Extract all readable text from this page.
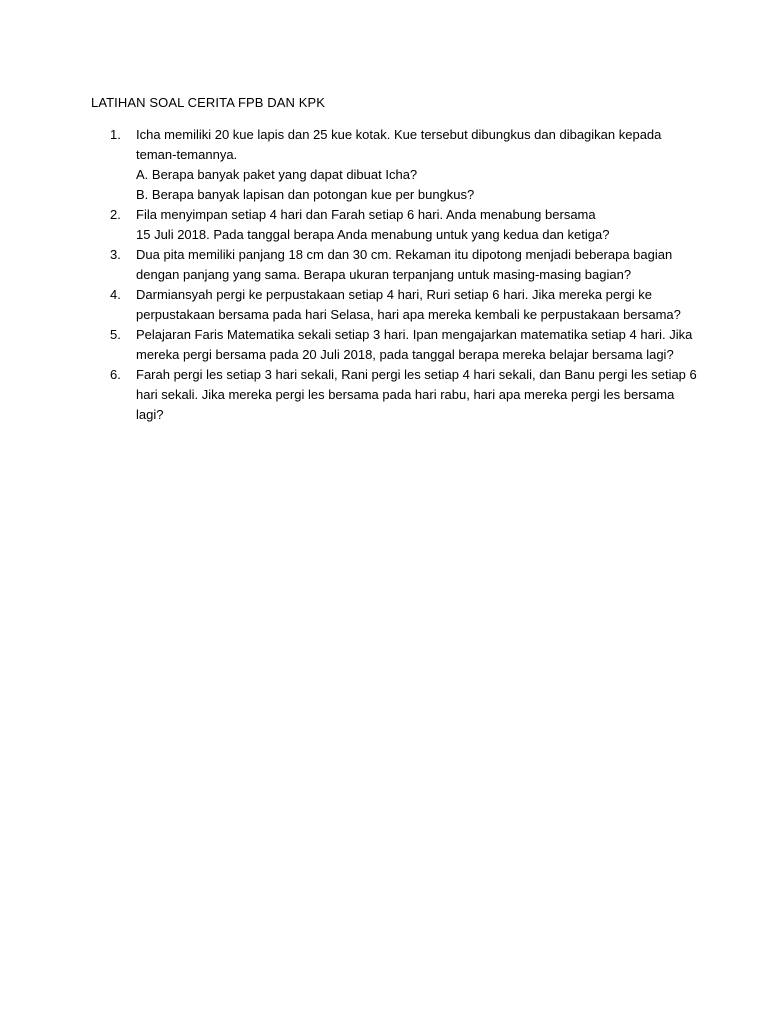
LATIHAN SOAL CERITA FPB DAN KPK
1.	Icha memiliki 20 kue lapis dan 25 kue kotak. Kue tersebut dibungkus dan dibagikan kepada
teman-temannya.
A. Berapa banyak paket yang dapat dibuat Icha?
B. Berapa banyak lapisan dan potongan kue per bungkus?
2.	Fila menyimpan setiap 4 hari dan Farah setiap 6 hari. Anda menabung bersama
15 Juli 2018. Pada tanggal berapa Anda menabung untuk yang kedua dan ketiga?
3.	Dua pita memiliki panjang 18 cm dan 30 cm. Rekaman itu dipotong menjadi beberapa bagian
dengan panjang yang sama. Berapa ukuran terpanjang untuk masing-masing bagian?
4.	Darmiansyah pergi ke perpustakaan setiap 4 hari, Ruri setiap 6 hari. Jika mereka pergi ke
perpustakaan bersama pada hari Selasa, hari apa mereka kembali ke perpustakaan bersama?
5.	Pelajaran Faris Matematika sekali setiap 3 hari. Ipan mengajarkan matematika setiap 4 hari. Jika
mereka pergi bersama pada 20 Juli 2018, pada tanggal berapa mereka belajar bersama lagi?
6.	Farah pergi les setiap 3 hari sekali, Rani pergi les setiap 4 hari sekali, dan Banu pergi les setiap 6
hari sekali. Jika mereka pergi les bersama pada hari rabu, hari apa mereka pergi les bersama
lagi?
